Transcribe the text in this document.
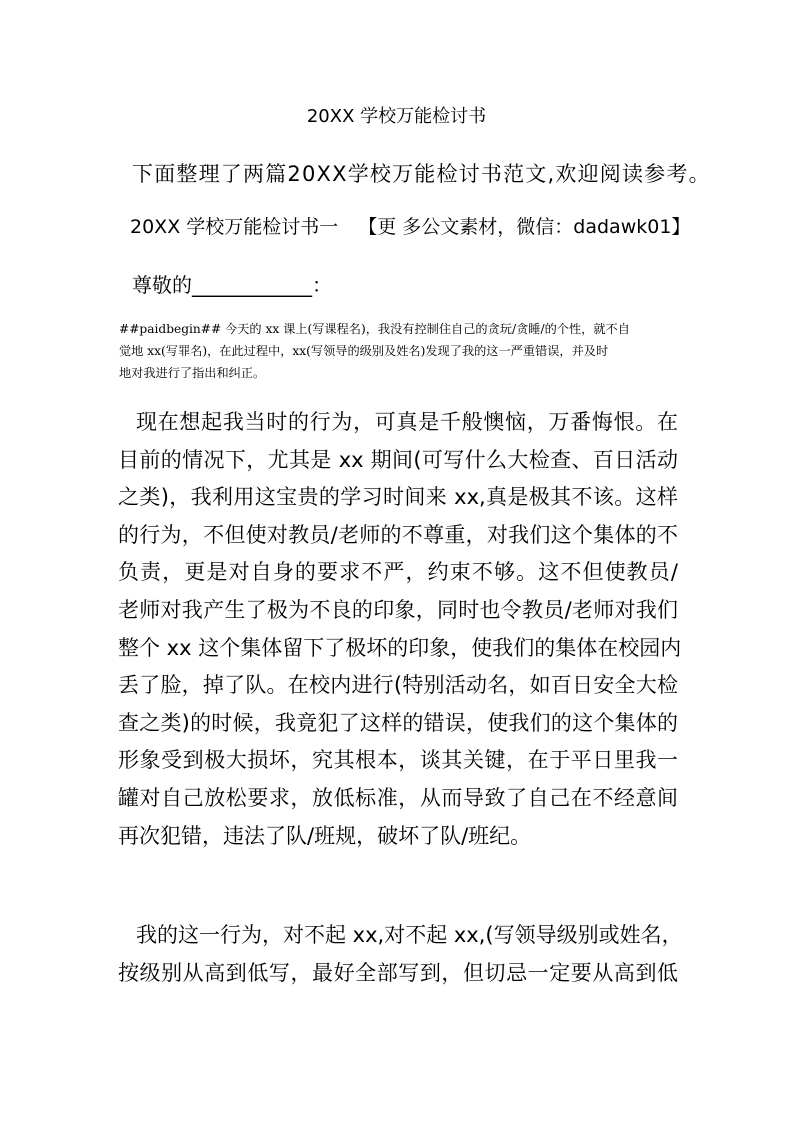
20XX 学校万能检讨书
下面整理了两篇20XX学校万能检讨书范文,欢迎阅读参考。
20XX 学校万能检讨书一 【更 多公文素材，微信：dadawk01】
尊敬的____________：
##paidbegin## 今天的 xx 课上(写课程名)，我没有控制住自己的贪玩/贪睡/的个性，就不自
觉地 xx(写罪名)，在此过程中，xx(写领导的级别及姓名)发现了我的这一严重错误，并及时
地对我进行了指出和纠正。
现在想起我当时的行为，可真是千般懊恼，万番悔恨。在
目前的情况下，尤其是 xx 期间(可写什么大检查、百日活动
之类)，我利用这宝贵的学习时间来 xx,真是极其不该。这样
的行为，不但使对教员/老师的不尊重，对我们这个集体的不
负责，更是对自身的要求不严，约束不够。这不但使教员/
老师对我产生了极为不良的印象，同时也令教员/老师对我们
整个 xx 这个集体留下了极坏的印象，使我们的集体在校园内
丢了脸，掉了队。在校内进行(特别活动名，如百日安全大检
查之类)的时候，我竟犯了这样的错误，使我们的这个集体的
形象受到极大损坏，究其根本，谈其关键，在于平日里我一
罐对自己放松要求，放低标准，从而导致了自己在不经意间
再次犯错，违法了队/班规，破坏了队/班纪。
我的这一行为，对不起 xx,对不起 xx,(写领导级别或姓名，
按级别从高到低写，最好全部写到，但切忌一定要从高到低
